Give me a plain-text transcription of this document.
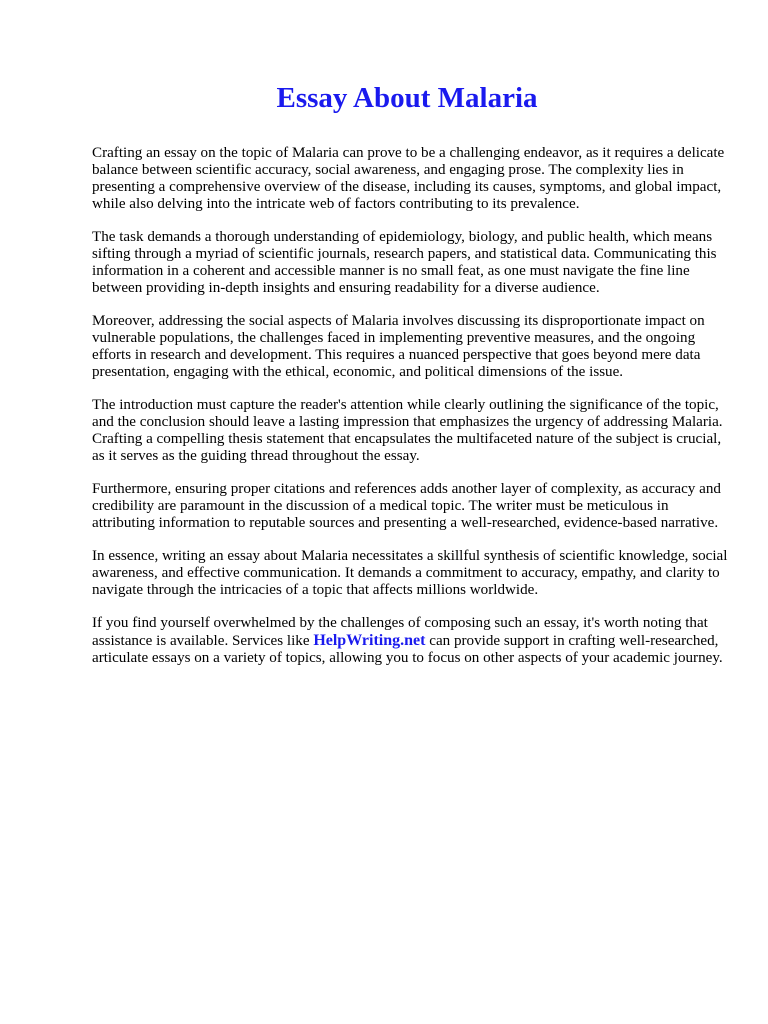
Essay About Malaria

Crafting an essay on the topic of Malaria can prove to be a challenging endeavor, as it requires a delicate balance between scientific accuracy, social awareness, and engaging prose. The complexity lies in presenting a comprehensive overview of the disease, including its causes, symptoms, and global impact, while also delving into the intricate web of factors contributing to its prevalence.

The task demands a thorough understanding of epidemiology, biology, and public health, which means sifting through a myriad of scientific journals, research papers, and statistical data. Communicating this information in a coherent and accessible manner is no small feat, as one must navigate the fine line between providing in-depth insights and ensuring readability for a diverse audience.

Moreover, addressing the social aspects of Malaria involves discussing its disproportionate impact on vulnerable populations, the challenges faced in implementing preventive measures, and the ongoing efforts in research and development. This requires a nuanced perspective that goes beyond mere data presentation, engaging with the ethical, economic, and political dimensions of the issue.

The introduction must capture the reader's attention while clearly outlining the significance of the topic, and the conclusion should leave a lasting impression that emphasizes the urgency of addressing Malaria. Crafting a compelling thesis statement that encapsulates the multifaceted nature of the subject is crucial, as it serves as the guiding thread throughout the essay.

Furthermore, ensuring proper citations and references adds another layer of complexity, as accuracy and credibility are paramount in the discussion of a medical topic. The writer must be meticulous in attributing information to reputable sources and presenting a well-researched, evidence-based narrative.

In essence, writing an essay about Malaria necessitates a skillful synthesis of scientific knowledge, social awareness, and effective communication. It demands a commitment to accuracy, empathy, and clarity to navigate through the intricacies of a topic that affects millions worldwide.

If you find yourself overwhelmed by the challenges of composing such an essay, it's worth noting that assistance is available. Services like HelpWriting.net can provide support in crafting well-researched, articulate essays on a variety of topics, allowing you to focus on other aspects of your academic journey.
